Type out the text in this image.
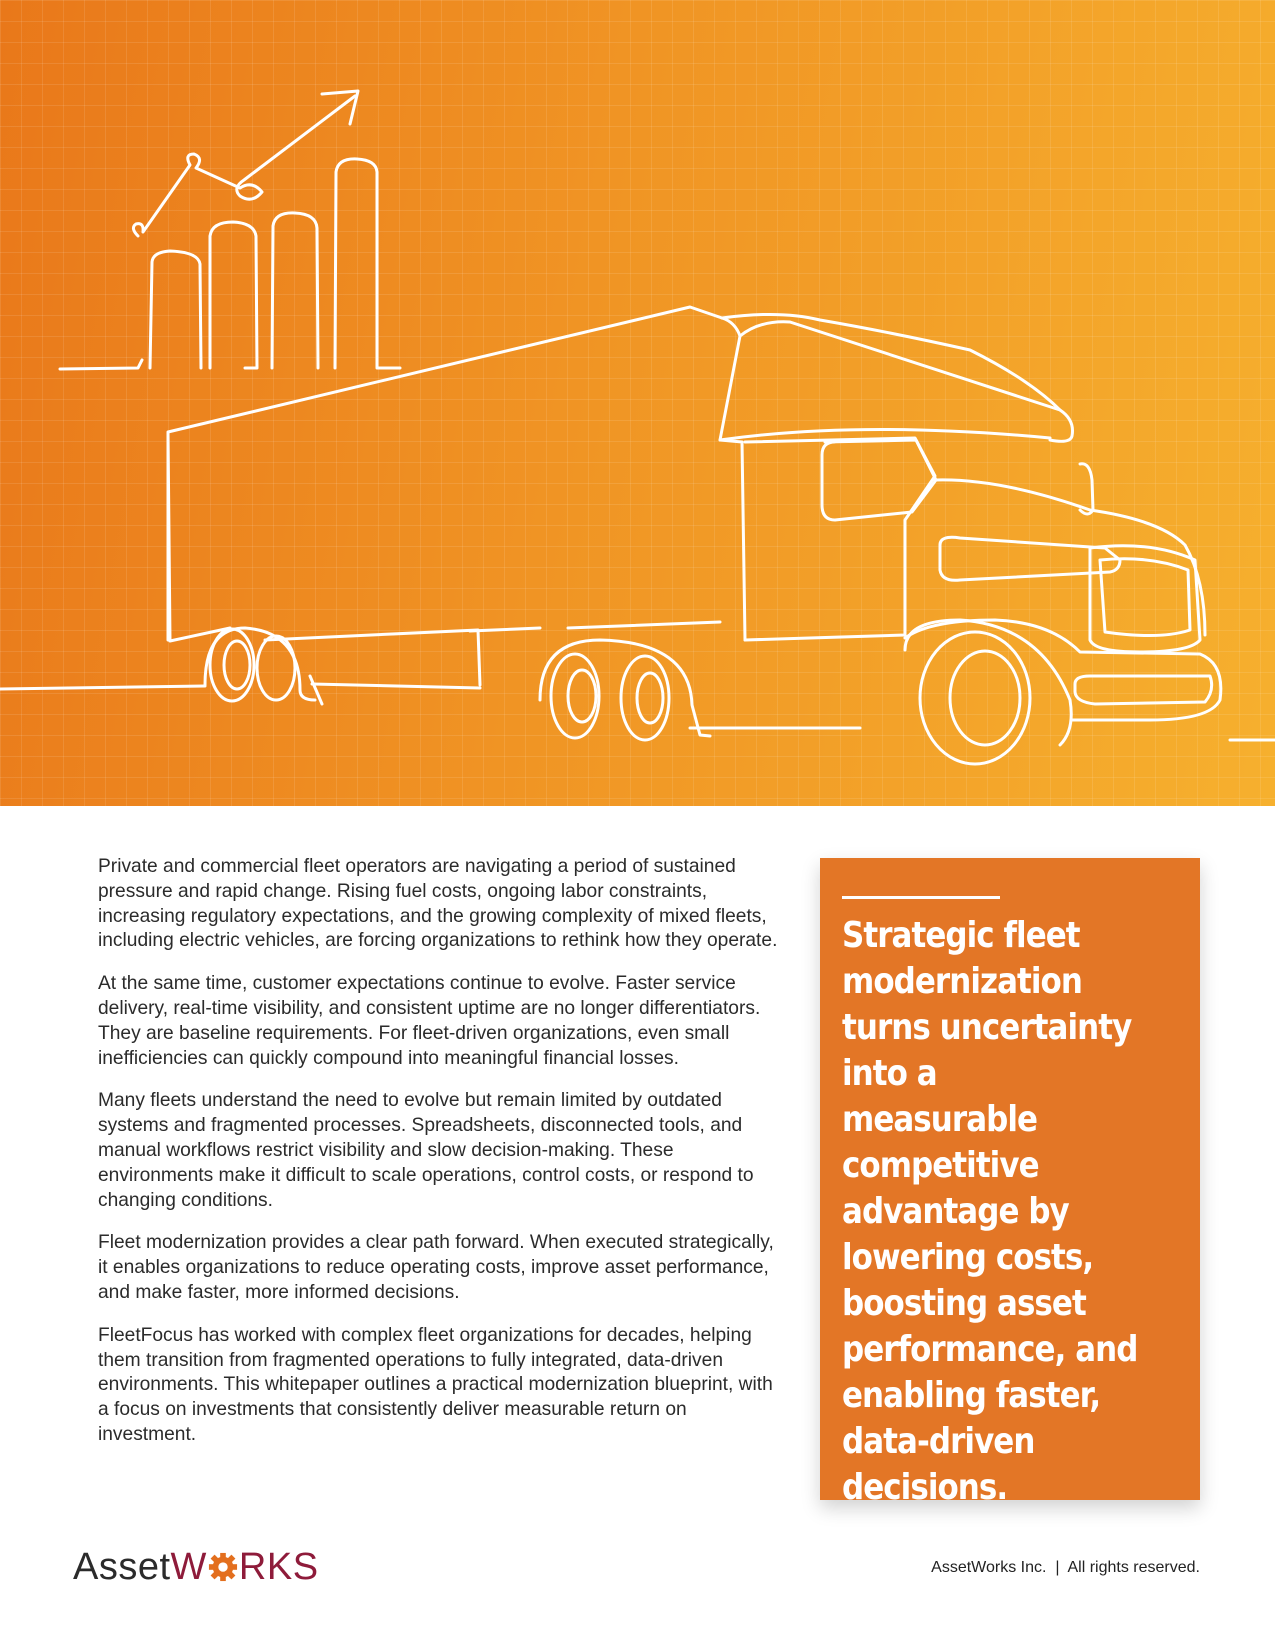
Private and commercial fleet operators are navigating a period of sustained pressure and rapid change. Rising fuel costs, ongoing labor constraints, increasing regulatory expectations, and the growing complexity of mixed fleets, including electric vehicles, are forcing organizations to rethink how they operate.

At the same time, customer expectations continue to evolve. Faster service delivery, real-time visibility, and consistent uptime are no longer differentiators. They are baseline requirements. For fleet-driven organizations, even small inefficiencies can quickly compound into meaningful financial losses.

Many fleets understand the need to evolve but remain limited by outdated systems and fragmented processes. Spreadsheets, disconnected tools, and manual workflows restrict visibility and slow decision-making. These environments make it difficult to scale operations, control costs, or respond to changing conditions.

Fleet modernization provides a clear path forward. When executed strategically, it enables organizations to reduce operating costs, improve asset performance, and make faster, more informed decisions.

FleetFocus has worked with complex fleet organizations for decades, helping them transition from fragmented operations to fully integrated, data-driven environments. This whitepaper outlines a practical modernization blueprint, with a focus on investments that consistently deliver measurable return on investment.

Strategic fleet
modernization
turns uncertainty
into a measurable
competitive
advantage by
lowering costs,
boosting asset
performance, and
enabling faster,
data-driven
decisions.
AssetW RKS	AssetWorks Inc.  |  All rights reserved.
